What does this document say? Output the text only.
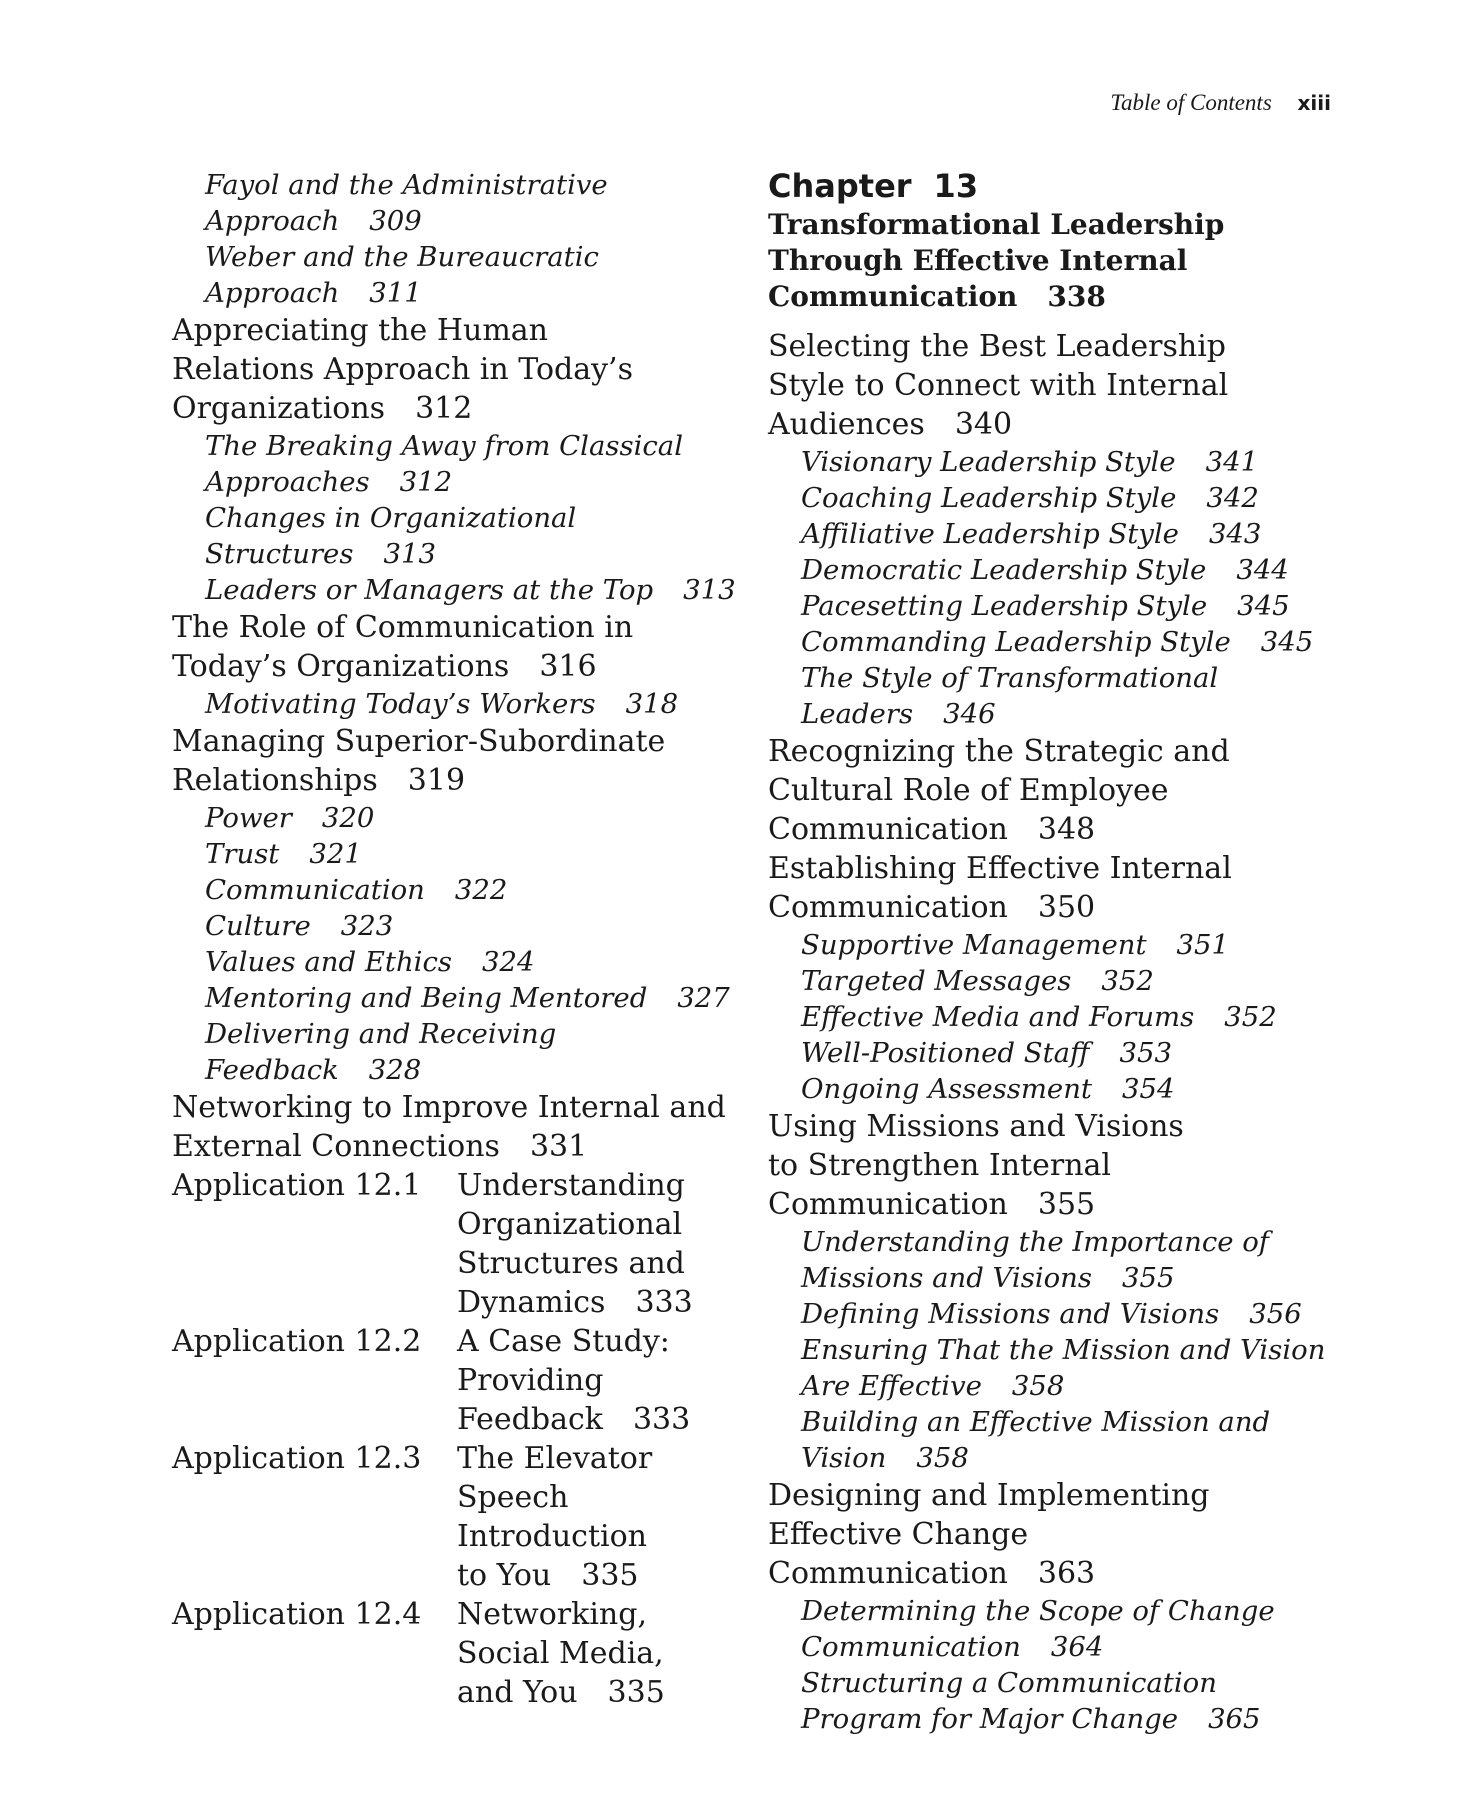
Table of Contents xiii
Fayol and the Administrative
Approach 309
Weber and the Bureaucratic
Approach 311
Appreciating the Human
Relations Approach in Today’s
Organizations 312
The Breaking Away from Classical
Approaches 312
Changes in Organizational
Structures 313
Leaders or Managers at the Top 313
The Role of Communication in
Today’s Organizations 316
Motivating Today’s Workers 318
Managing Superior-Subordinate
Relationships 319
Power 320
Trust 321
Communication 322
Culture 323
Values and Ethics 324
Mentoring and Being Mentored 327
Delivering and Receiving
Feedback 328
Networking to Improve Internal and
External Connections 331
Application 12.1	Understanding
Organizational
Structures and
Dynamics 333
Application 12.2	A Case Study:
Providing
Feedback 333
Application 12.3	The Elevator
Speech
Introduction
to You 335
Application 12.4	Networking,
Social Media,
and You 335
Chapter 13
Transformational Leadership
Through Effective Internal
Communication 338
Selecting the Best Leadership
Style to Connect with Internal
Audiences 340
Visionary Leadership Style 341
Coaching Leadership Style 342
Affiliative Leadership Style 343
Democratic Leadership Style 344
Pacesetting Leadership Style 345
Commanding Leadership Style 345
The Style of Transformational
Leaders 346
Recognizing the Strategic and
Cultural Role of Employee
Communication 348
Establishing Effective Internal
Communication 350
Supportive Management 351
Targeted Messages 352
Effective Media and Forums 352
Well-Positioned Staff 353
Ongoing Assessment 354
Using Missions and Visions
to Strengthen Internal
Communication 355
Understanding the Importance of
Missions and Visions 355
Defining Missions and Visions 356
Ensuring That the Mission and Vision
Are Effective 358
Building an Effective Mission and
Vision 358
Designing and Implementing
Effective Change Communication 363
Determining the Scope of Change
Communication 364
Structuring a Communication
Program for Major Change 365
